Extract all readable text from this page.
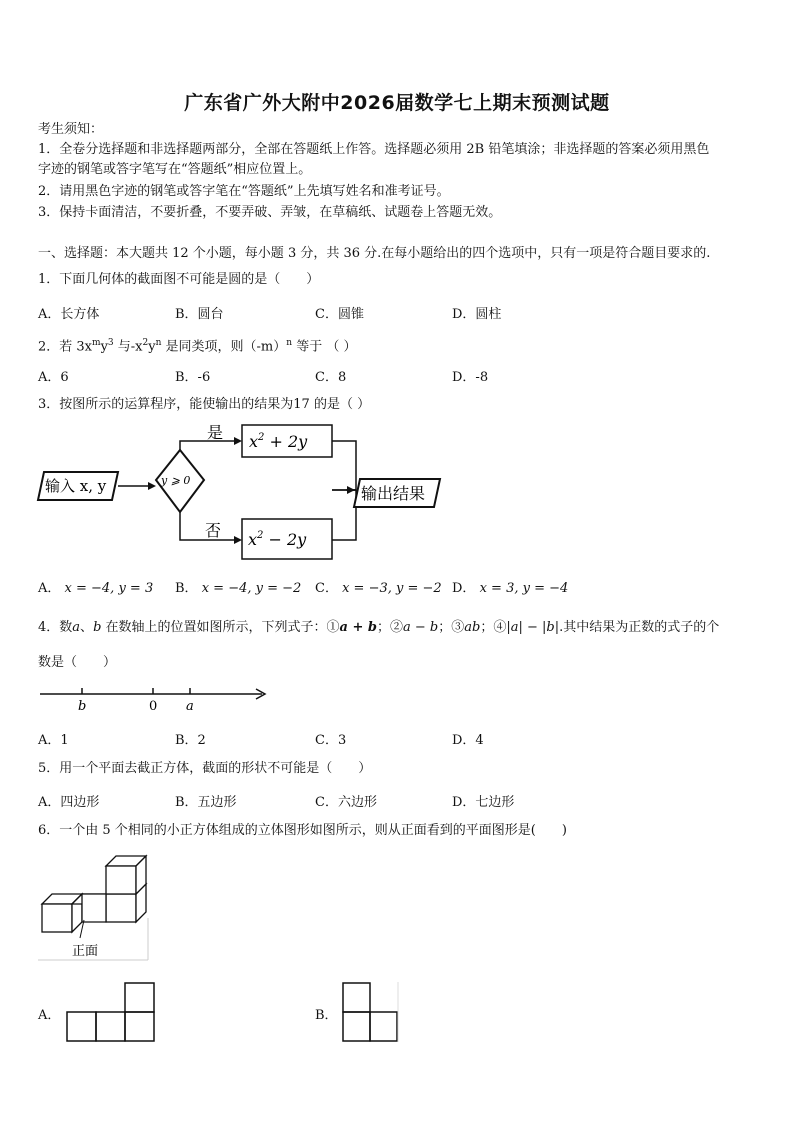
广东省广外大附中2026届数学七上期末预测试题
考生须知：
1．全卷分选择题和非选择题两部分，全部在答题纸上作答。选择题必须用 2B 铅笔填涂；非选择题的答案必须用黑色
字迹的钢笔或答字笔写在“答题纸”相应位置上。
2．请用黑色字迹的钢笔或答字笔在“答题纸”上先填写姓名和准考证号。
3．保持卡面清洁，不要折叠，不要弄破、弄皱，在草稿纸、试题卷上答题无效。
一、选择题：本大题共 12 个小题，每小题 3 分，共 36 分.在每小题给出的四个选项中，只有一项是符合题目要求的.
1．下面几何体的截面图不可能是圆的是（　　）
A．长方体	B．圆台	C．圆锥	D．圆柱
2．若 $3x^my^3$ 与$-x^2y^n$ 是同类项，则$(-m)^n$ 等于 （ ）
A．6	B．-6	C．8	D．-8
3．按图所示的运算程序，能使输出的结果为17 的是（ ）
输入 x, y	y ⩾ 0
是 $x^2 + 2y$
否 $x^2 - 2y$
输出结果
A． x = −4, y = 3 B． x = −4, y = −2 C． x = −3, y = −2 D． x = 3, y = −4
4．数a、b 在数轴上的位置如图所示，下列式子：①a + b；②a − b；③ab；④|a| − |b|.其中结果为正数的式子的个
数是（　　）
b	0 a
A．1	B．2	C．3	D．4
5．用一个平面去截正方体，截面的形状不可能是（　　）
A．四边形	B．五边形	C．六边形	D．七边形
6．一个由 5 个相同的小正方体组成的立体图形如图所示，则从正面看到的平面图形是(　　)
正面
A．	B．
